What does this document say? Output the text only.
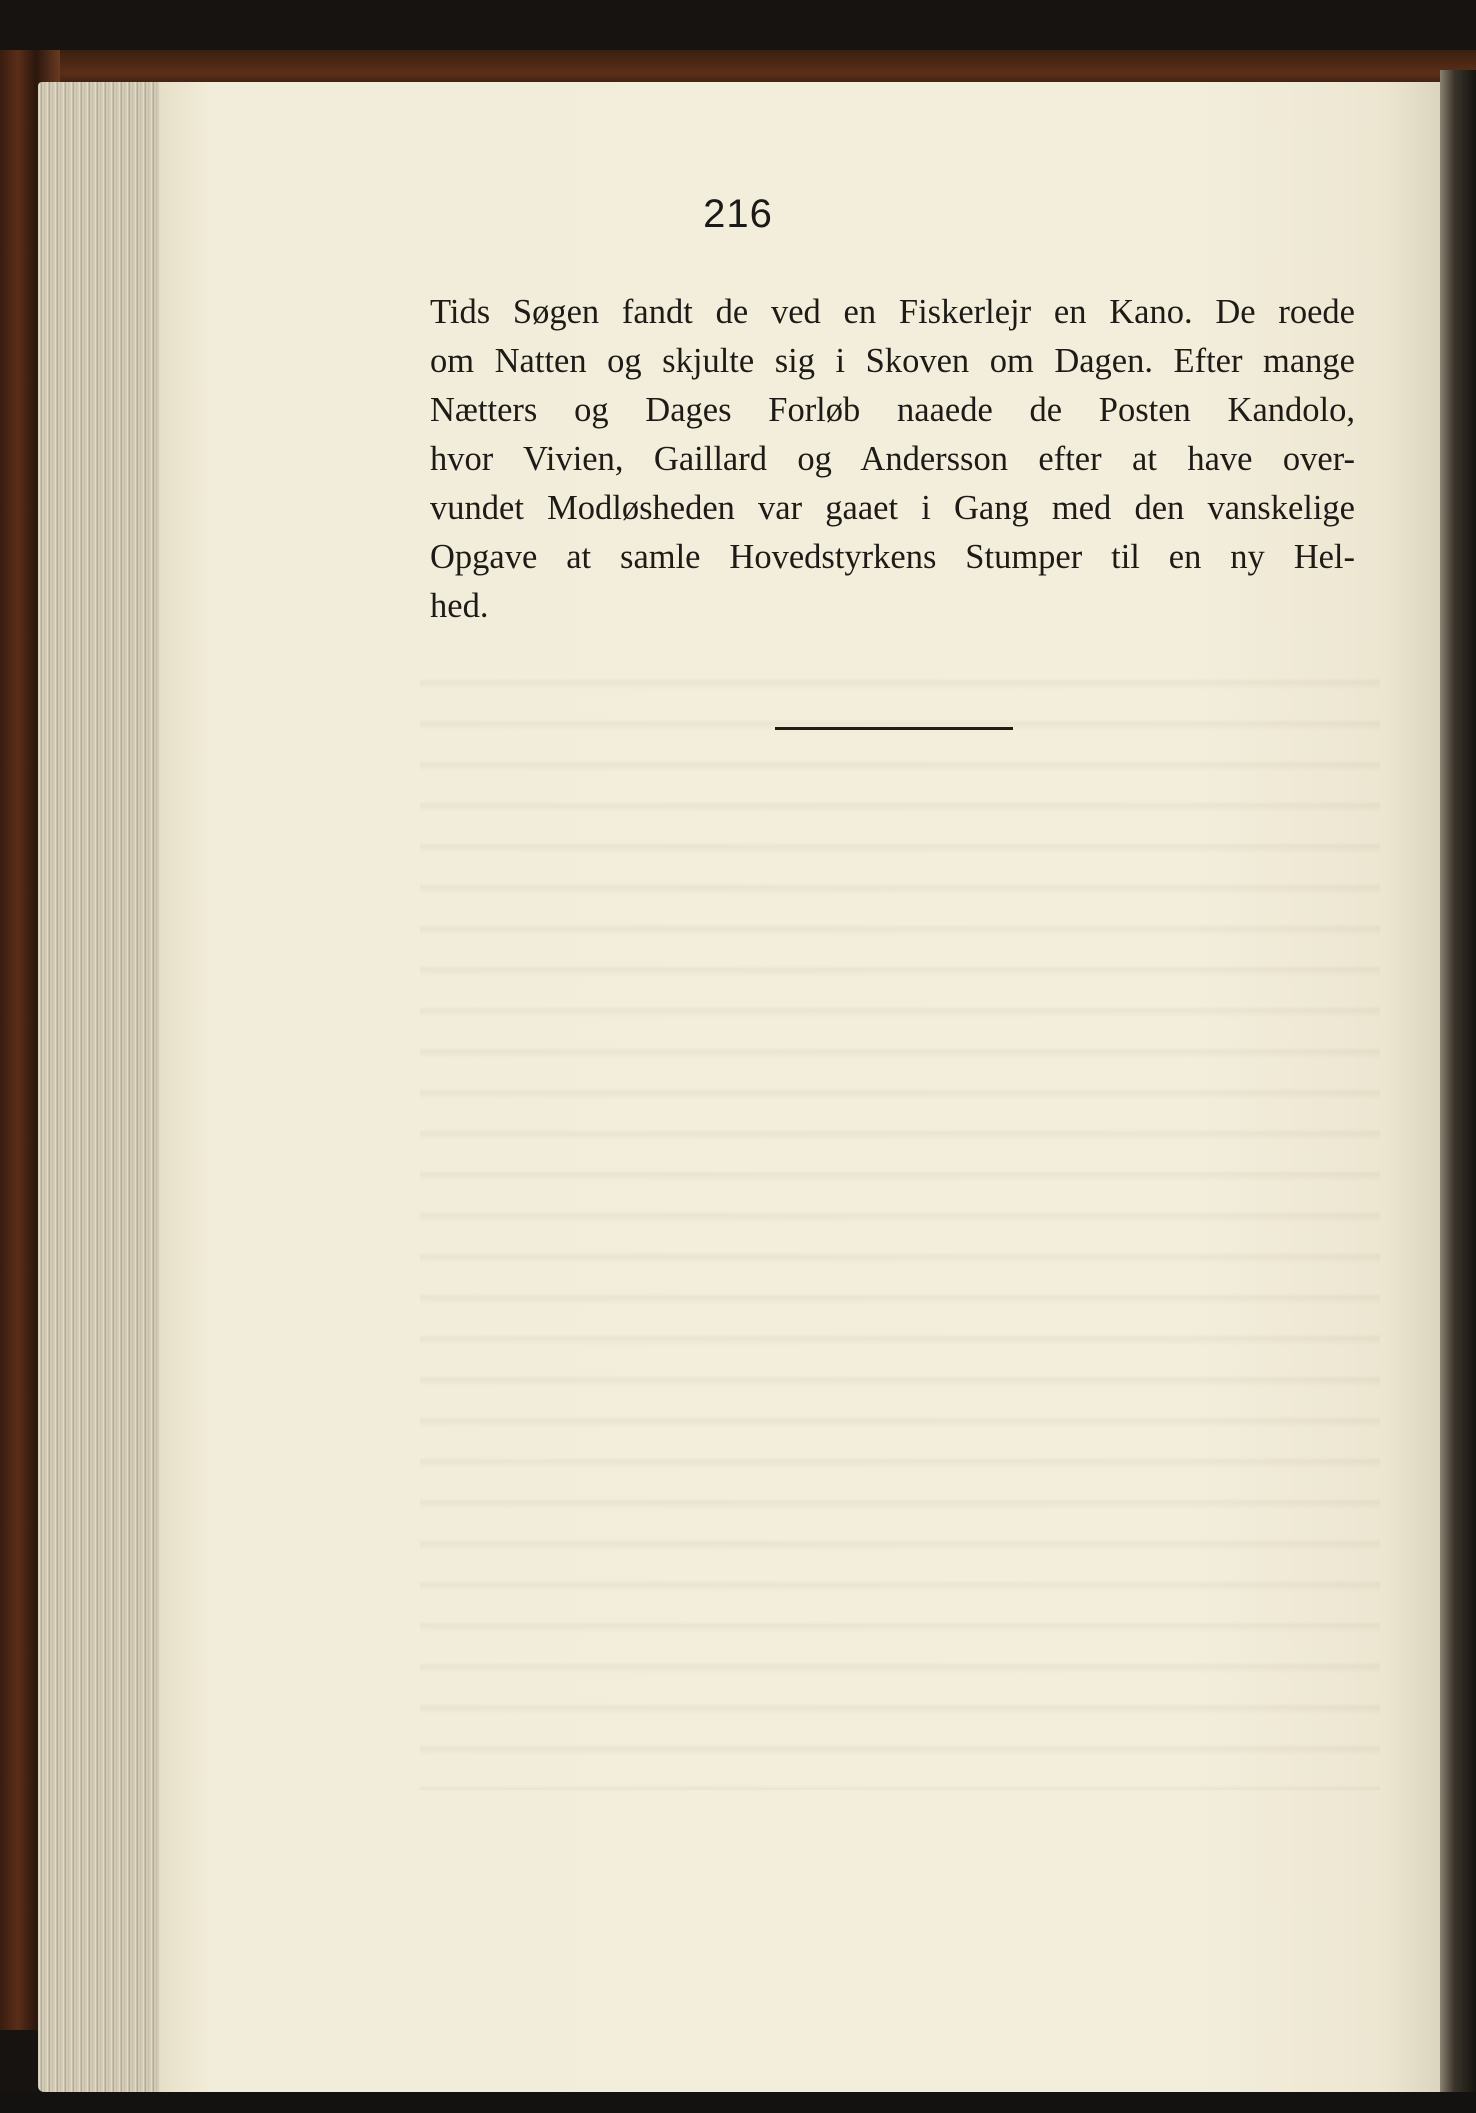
216
Tids Søgen fandt de ved en Fiskerlejr en Kano. De roede
om Natten og skjulte sig i Skoven om Dagen. Efter mange
Nætters og Dages Forløb naaede de Posten Kandolo,
hvor Vivien, Gaillard og Andersson efter at have over-
vundet Modløsheden var gaaet i Gang med den vanskelige
Opgave at samle Hovedstyrkens Stumper til en ny Hel-
hed.
